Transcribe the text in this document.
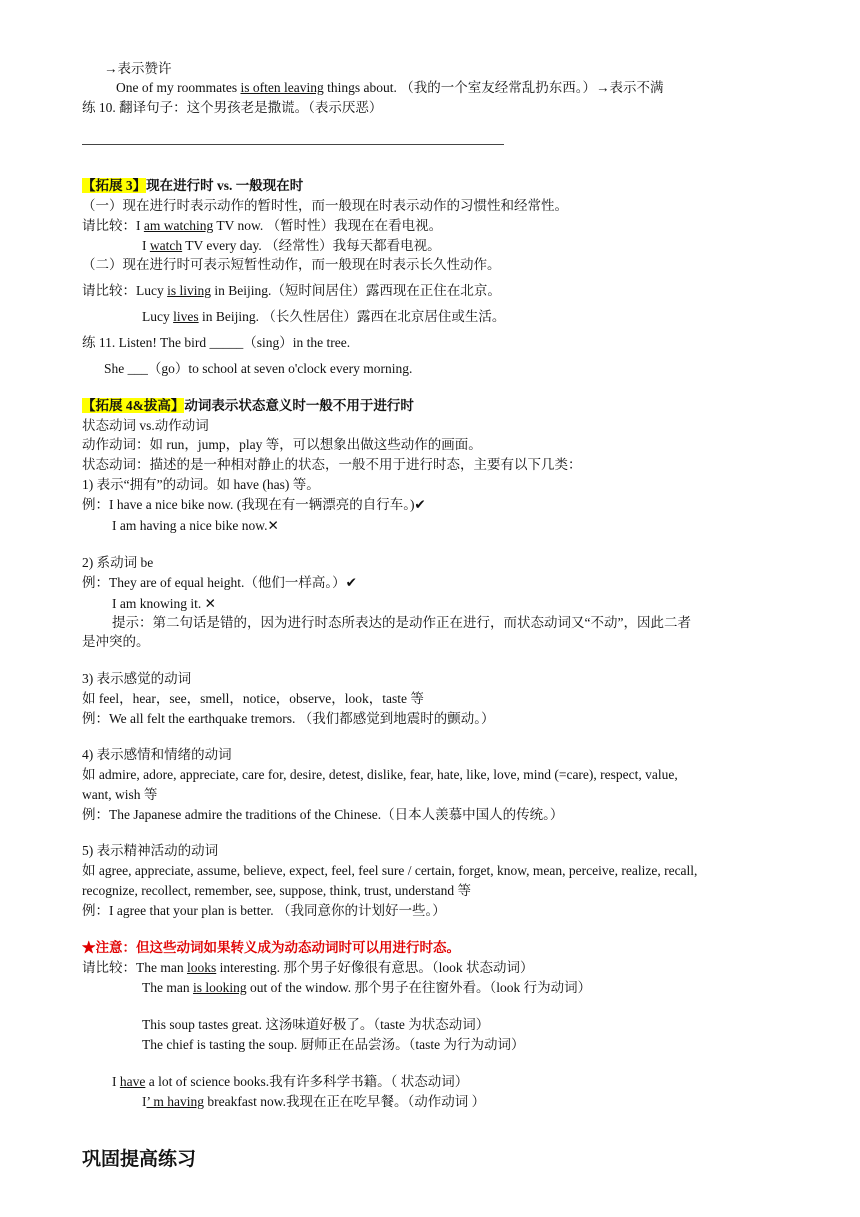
→表示赞许
One of my roommates is often leaving things about. （我的一个室友经常乱扔东西。）→表示不满
练 10. 翻译句子：这个男孩老是撒谎。（表示厌恶）
【拓展 3】现在进行时 vs. 一般现在时
（一）现在进行时表示动作的暂时性，而一般现在时表示动作的习惯性和经常性。
请比较：I am watching TV now. （暂时性）我现在在看电视。
I watch TV every day. （经常性）我每天都看电视。
（二）现在进行时可表示短暂性动作，而一般现在时表示长久性动作。
请比较：Lucy is living in Beijing.（短时间居住）露西现在正住在北京。
Lucy lives in Beijing. （长久性居住）露西在北京居住或生活。
练 11. Listen! The bird _____（sing）in the tree.
She ___（go）to school at seven o'clock every morning.
【拓展 4&拔高】动词表示状态意义时一般不用于进行时
状态动词 vs.动作动词
动作动词：如 run，jump，play 等，可以想象出做这些动作的画面。
状态动词：描述的是一种相对静止的状态，一般不用于进行时态，主要有以下几类：
1) 表示“拥有”的动词。如 have (has) 等。
例：I have a nice bike now. (我现在有一辆漂亮的自行车。)✔
I am having a nice bike now.✕
2) 系动词 be
例：They are of equal height.（他们一样高。）✔
I am knowing it. ✕
提示：第二句话是错的，因为进行时态所表达的是动作正在进行，而状态动词又“不动”，因此二者
是冲突的。
3) 表示感觉的动词
如 feel，hear，see，smell，notice，observe，look，taste 等
例：We all felt the earthquake tremors. （我们都感觉到地震时的颤动。）
4) 表示感情和情绪的动词
如 admire, adore, appreciate, care for, desire, detest, dislike, fear, hate, like, love, mind (=care), respect, value,
want, wish 等
例：The Japanese admire the traditions of the Chinese.（日本人羡慕中国人的传统。）
5) 表示精神活动的动词
如 agree, appreciate, assume, believe, expect, feel, feel sure / certain, forget, know, mean, perceive, realize, recall,
recognize, recollect, remember, see, suppose, think, trust, understand 等
例：I agree that your plan is better. （我同意你的计划好一些。）
★注意：但这些动词如果转义成为动态动词时可以用进行时态。
请比较：The man looks interesting. 那个男子好像很有意思。（look 状态动词）
The man is looking out of the window. 那个男子在往窗外看。（look 行为动词）
This soup tastes great. 这汤味道好极了。（taste 为状态动词）
The chief is tasting the soup. 厨师正在品尝汤。（taste 为行为动词）
I have a lot of science books.我有许多科学书籍。（ 状态动词）
I’ m having breakfast now.我现在正在吃早餐。（动作动词 ）
巩固提高练习
